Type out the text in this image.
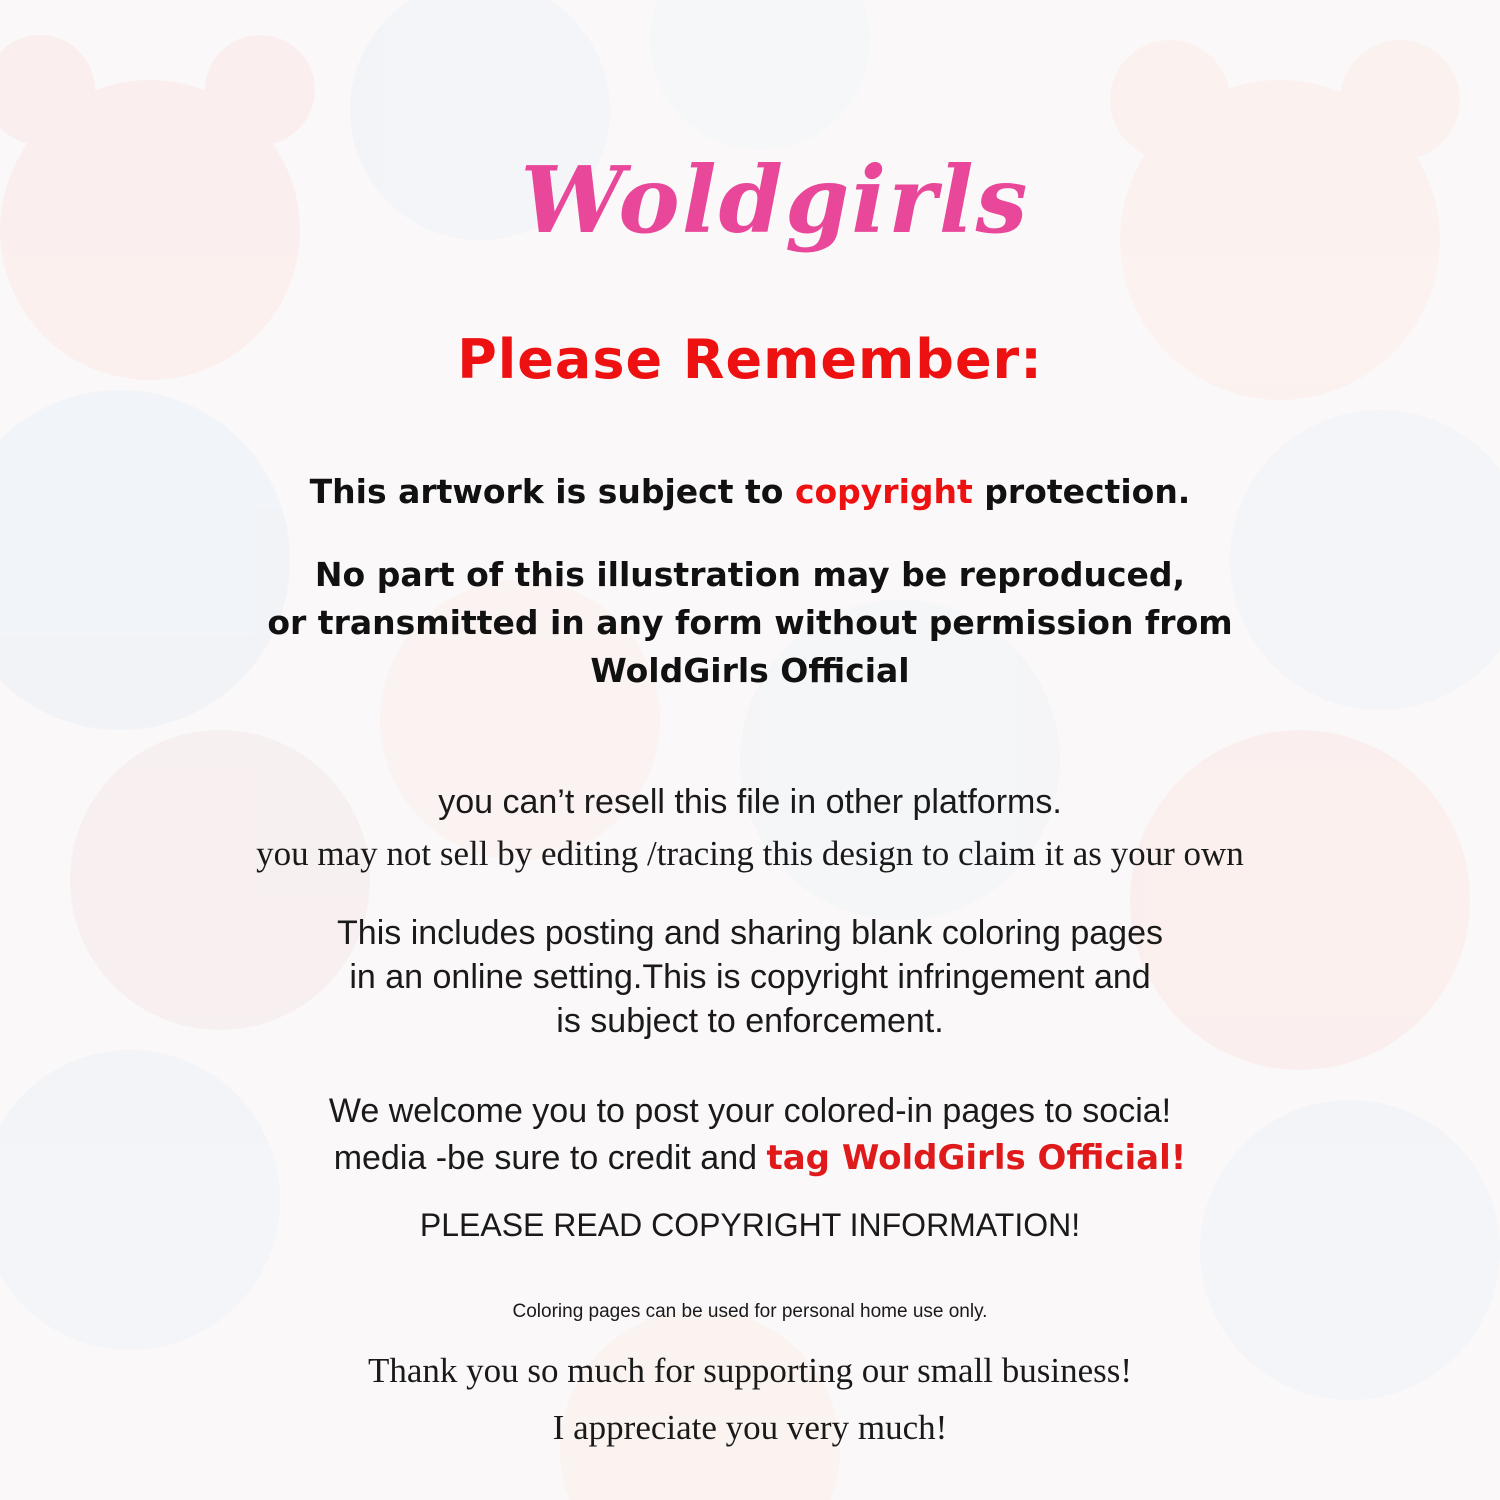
Woldgirls
Please Remember:
This artwork is subject to copyright protection.
No part of this illustration may be reproduced,
or transmitted in any form without permission from
WoldGirls Official
you can’t resell this file in other platforms.
you may not sell by editing /tracing this design to claim it as your own
This includes posting and sharing blank coloring pages
in an online setting.This is copyright infringement and
is subject to enforcement.
We welcome you to post your colored-in pages to socia!
media -be sure to credit and tag WoldGirls Official!
PLEASE READ COPYRIGHT INFORMATION!
Coloring pages can be used for personal home use only.
Thank you so much for supporting our small business!
I appreciate you very much!
